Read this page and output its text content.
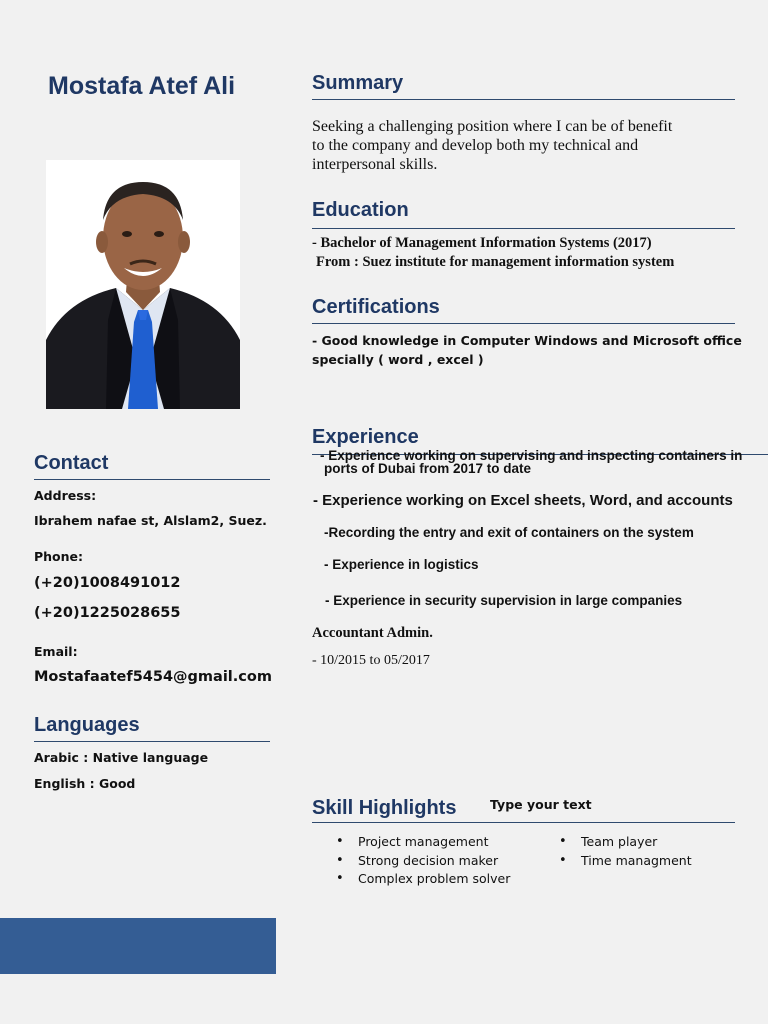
Mostafa Atef Ali	Summary
Seeking a challenging position where I can be of benefit
to the company and develop both my technical and
interpersonal skills.
Education
- Bachelor of Management Information Systems (2017)
From : Suez institute for management information system
Certifications
- Good knowledge in Computer Windows and Microsoft office
specially ( word , excel )
Experience
- Experience working on supervising and inspecting containers in
ports of Dubai from 2017 to date
- Experience working on Excel sheets, Word, and accounts
-Recording the entry and exit of containers on the system
- Experience in logistics
- Experience in security supervision in large companies
Accountant Admin.
- 10/2015 to 05/2017
Contact
Address:
Ibrahem nafae st, Alslam2, Suez.
Phone:
(+20)1008491012
(+20)1225028655
Email:
Mostafaatef5454@gmail.com
Languages
Arabic : Native language
English : Good
Skill Highlights	Type your text
• Project management
• Strong decision maker
• Complex problem solver
• Team player
• Time managment
